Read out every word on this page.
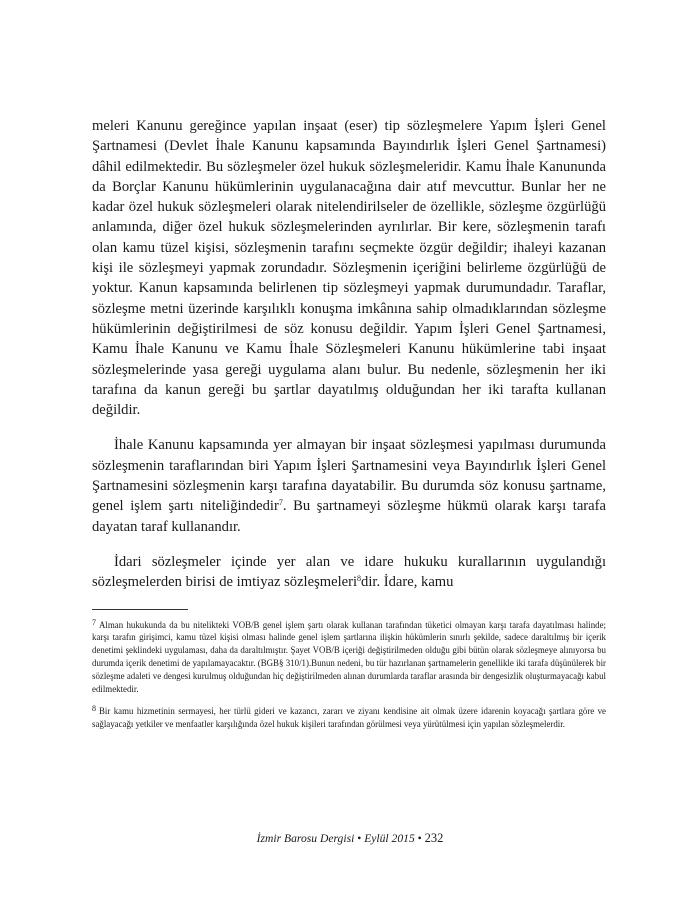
meleri Kanunu gereğince yapılan inşaat (eser) tip sözleşmelere Yapım İşleri Genel Şartnamesi (Devlet İhale Kanunu kapsamında Bayındırlık İşleri Genel Şartnamesi) dâhil edilmektedir. Bu sözleşmeler özel hukuk sözleşmeleridir. Kamu İhale Kanununda da Borçlar Kanunu hükümlerinin uygulanacağına dair atıf mevcuttur. Bunlar her ne kadar özel hukuk sözleşmeleri olarak nitelendirilseler de özellikle, sözleşme özgürlüğü anlamında, diğer özel hukuk sözleşmelerinden ayrılırlar. Bir kere, sözleşmenin tarafı olan kamu tüzel kişisi, sözleşmenin tarafını seçmekte özgür değildir; ihaleyi kazanan kişi ile sözleşmeyi yapmak zorundadır. Sözleşmenin içeriğini belirleme özgürlüğü de yoktur. Kanun kapsamında belirlenen tip sözleşmeyi yapmak durumundadır. Taraflar, sözleşme metni üzerinde karşılıklı konuşma imkânına sahip olmadıklarından sözleşme hükümlerinin değiştirilmesi de söz konusu değildir. Yapım İşleri Genel Şartnamesi, Kamu İhale Kanunu ve Kamu İhale Sözleşmeleri Kanunu hükümlerine tabi inşaat sözleşmelerinde yasa gereği uygulama alanı bulur. Bu nedenle, sözleşmenin her iki tarafına da kanun gereği bu şartlar dayatılmış olduğundan her iki tarafta kullanan değildir.

İhale Kanunu kapsamında yer almayan bir inşaat sözleşmesi yapılması durumunda sözleşmenin taraflarından biri Yapım İşleri Şartnamesini veya Bayındırlık İşleri Genel Şartnamesini sözleşmenin karşı tarafına dayatabilir. Bu durumda söz konusu şartname, genel işlem şartı niteliğindedir$^7$. Bu şartnameyi sözleşme hükmü olarak karşı tarafa dayatan taraf kullanandır.

İdari sözleşmeler içinde yer alan ve idare hukuku kurallarının uygulandığı sözleşmelerden birisi de imtiyaz sözleşmeleri$^8$dir. İdare, kamu

7 Alman hukukunda da bu nitelikteki VOB/B genel işlem şartı olarak kullanan tarafından tüketici olmayan karşı tarafa dayatılması halinde; karşı tarafın girişimci, kamu tüzel kişisi olması halinde genel işlem şartlarına ilişkin hükümlerin sınırlı şekilde, sadece daraltılmış bir içerik denetimi şeklindeki uygulaması, daha da daraltılmıştır. Şayet VOB/B içeriği değiştirilmeden olduğu gibi bütün olarak sözleşmeye alınıyorsa bu durumda içerik denetimi de yapılamayacaktır. (BGB§ 310/1).Bunun nedeni, bu tür hazırlanan şartnamelerin genellikle iki tarafa düşünülerek bir sözleşme adaleti ve dengesi kurulmuş olduğundan hiç değiştirilmeden alınan durumlarda taraflar arasında bir dengesizlik oluşturmayacağı kabul edilmektedir.

8 Bir kamu hizmetinin sermayesi, her türlü gideri ve kazancı, zararı ve ziyanı kendisine ait olmak üzere idarenin koyacağı şartlara göre ve sağlayacağı yetkiler ve menfaatler karşılığında özel hukuk kişileri tarafından görülmesi veya yürütülmesi için yapılan sözleşmelerdir.

İzmir Barosu Dergisi • Eylül 2015 • 232
